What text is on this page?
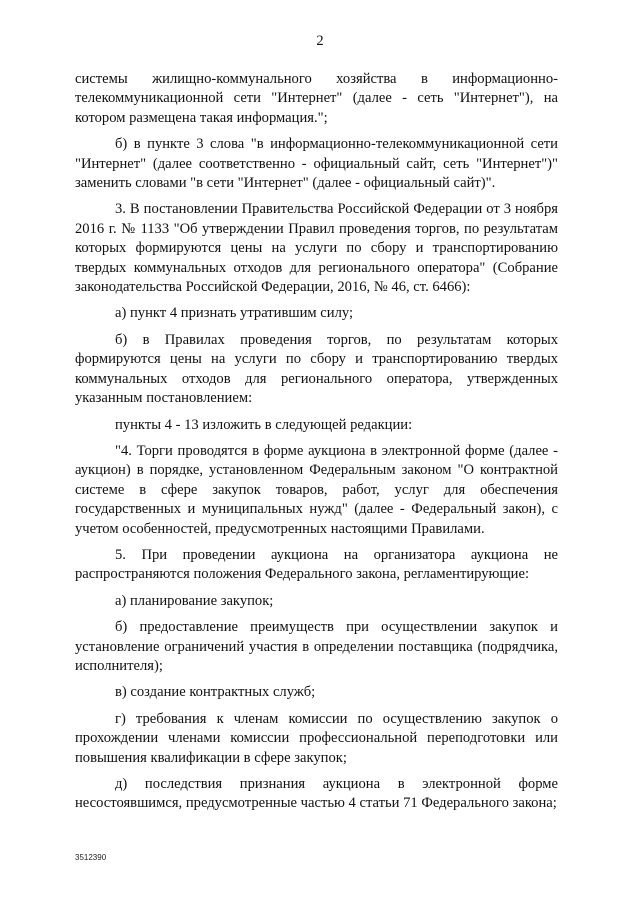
2

системы жилищно-коммунального хозяйства в информационно-телекоммуникационной сети "Интернет" (далее - сеть "Интернет"), на котором размещена такая информация.";

б) в пункте 3 слова "в информационно-телекоммуникационной сети "Интернет" (далее соответственно - официальный сайт, сеть "Интернет")" заменить словами "в сети "Интернет" (далее - официальный сайт)".

3. В постановлении Правительства Российской Федерации от 3 ноября 2016 г. № 1133 "Об утверждении Правил проведения торгов, по результатам которых формируются цены на услуги по сбору и транспортированию твердых коммунальных отходов для регионального оператора" (Собрание законодательства Российской Федерации, 2016, № 46, ст. 6466):

а) пункт 4 признать утратившим силу;

б) в Правилах проведения торгов, по результатам которых формируются цены на услуги по сбору и транспортированию твердых коммунальных отходов для регионального оператора, утвержденных указанным постановлением:

пункты 4 - 13 изложить в следующей редакции:

"4. Торги проводятся в форме аукциона в электронной форме (далее - аукцион) в порядке, установленном Федеральным законом "О контрактной системе в сфере закупок товаров, работ, услуг для обеспечения государственных и муниципальных нужд" (далее - Федеральный закон), с учетом особенностей, предусмотренных настоящими Правилами.

5. При проведении аукциона на организатора аукциона не распространяются положения Федерального закона, регламентирующие:

а) планирование закупок;

б) предоставление преимуществ при осуществлении закупок и установление ограничений участия в определении поставщика (подрядчика, исполнителя);

в) создание контрактных служб;

г) требования к членам комиссии по осуществлению закупок о прохождении членами комиссии профессиональной переподготовки или повышения квалификации в сфере закупок;

д) последствия признания аукциона в электронной форме несостоявшимся, предусмотренные частью 4 статьи 71 Федерального закона;

3512390
